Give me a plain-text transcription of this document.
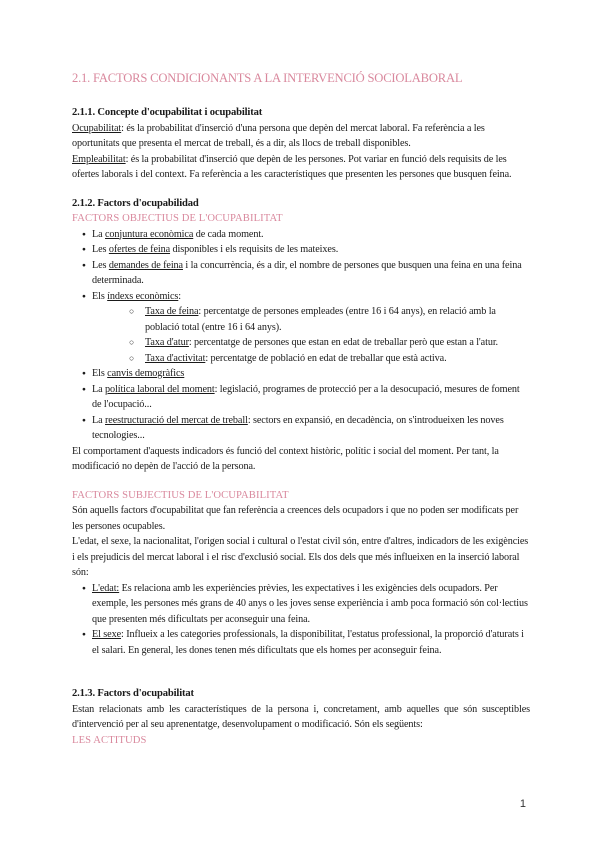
2.1. FACTORS CONDICIONANTS A LA INTERVENCIÓ SOCIOLABORAL
2.1.1. Concepte d'ocupabilitat i ocupabilitat

Ocupabilitat: és la probabilitat d'inserció d'una persona que depèn del mercat laboral. Fa referència a les oportunitats que presenta el mercat de treball, és a dir, als llocs de treball disponibles.

Empleabilitat: és la probabilitat d'inserció que depèn de les persones. Pot variar en funció dels requisits de les ofertes laborals i del context. Fa referència a les característiques que presenten les persones que busquen feina.

2.1.2. Factors d'ocupabilidad
FACTORS OBJECTIUS DE L'OCUPABILITAT
● La conjuntura econòmica de cada moment.
● Les ofertes de feina disponibles i els requisits de les mateixes.
● Les demandes de feina i la concurrència, és a dir, el nombre de persones que busquen una feina en una feina determinada.
● Els índexs econòmics:
○ Taxa de feina: percentatge de persones empleades (entre 16 i 64 anys), en relació amb la població total (entre 16 i 64 anys).
○ Taxa d'atur: percentatge de persones que estan en edat de treballar però que estan a l'atur.
○ Taxa d'activitat: percentatge de població en edat de treballar que està activa.
● Els canvis demogràfics
● La política laboral del moment: legislació, programes de protecció per a la desocupació, mesures de foment de l'ocupació...
● La reestructuració del mercat de treball: sectors en expansió, en decadència, on s'introdueixen les noves tecnologies...

El comportament d'aquests indicadors és funció del context històric, polític i social del moment. Per tant, la modificació no depèn de l'acció de la persona.

FACTORS SUBJECTIUS DE L'OCUPABILITAT

Són aquells factors d'ocupabilitat que fan referència a creences dels ocupadors i que no poden ser modificats per les persones ocupables.

L'edat, el sexe, la nacionalitat, l'origen social i cultural o l'estat civil són, entre d'altres, indicadors de les exigències i els prejudicis del mercat laboral i el risc d'exclusió social. Els dos dels que més influeixen en la inserció laboral són:

● L'edat: Es relaciona amb les experiències prèvies, les expectatives i les exigències dels ocupadors. Per exemple, les persones més grans de 40 anys o les joves sense experiència i amb poca formació són col·lectius que presenten més dificultats per aconseguir una feina.
● El sexe: Influeix a les categories professionals, la disponibilitat, l'estatus professional, la proporció d'aturats i el salari. En general, les dones tenen més dificultats que els homes per aconseguir feina.
2.1.3. Factors d'ocupabilitat

Estan relacionats amb les característiques de la persona i, concretament, amb aquelles que són susceptibles d'intervenció per al seu aprenentatge, desenvolupament o modificació. Són els següents:

LES ACTITUDS
1
